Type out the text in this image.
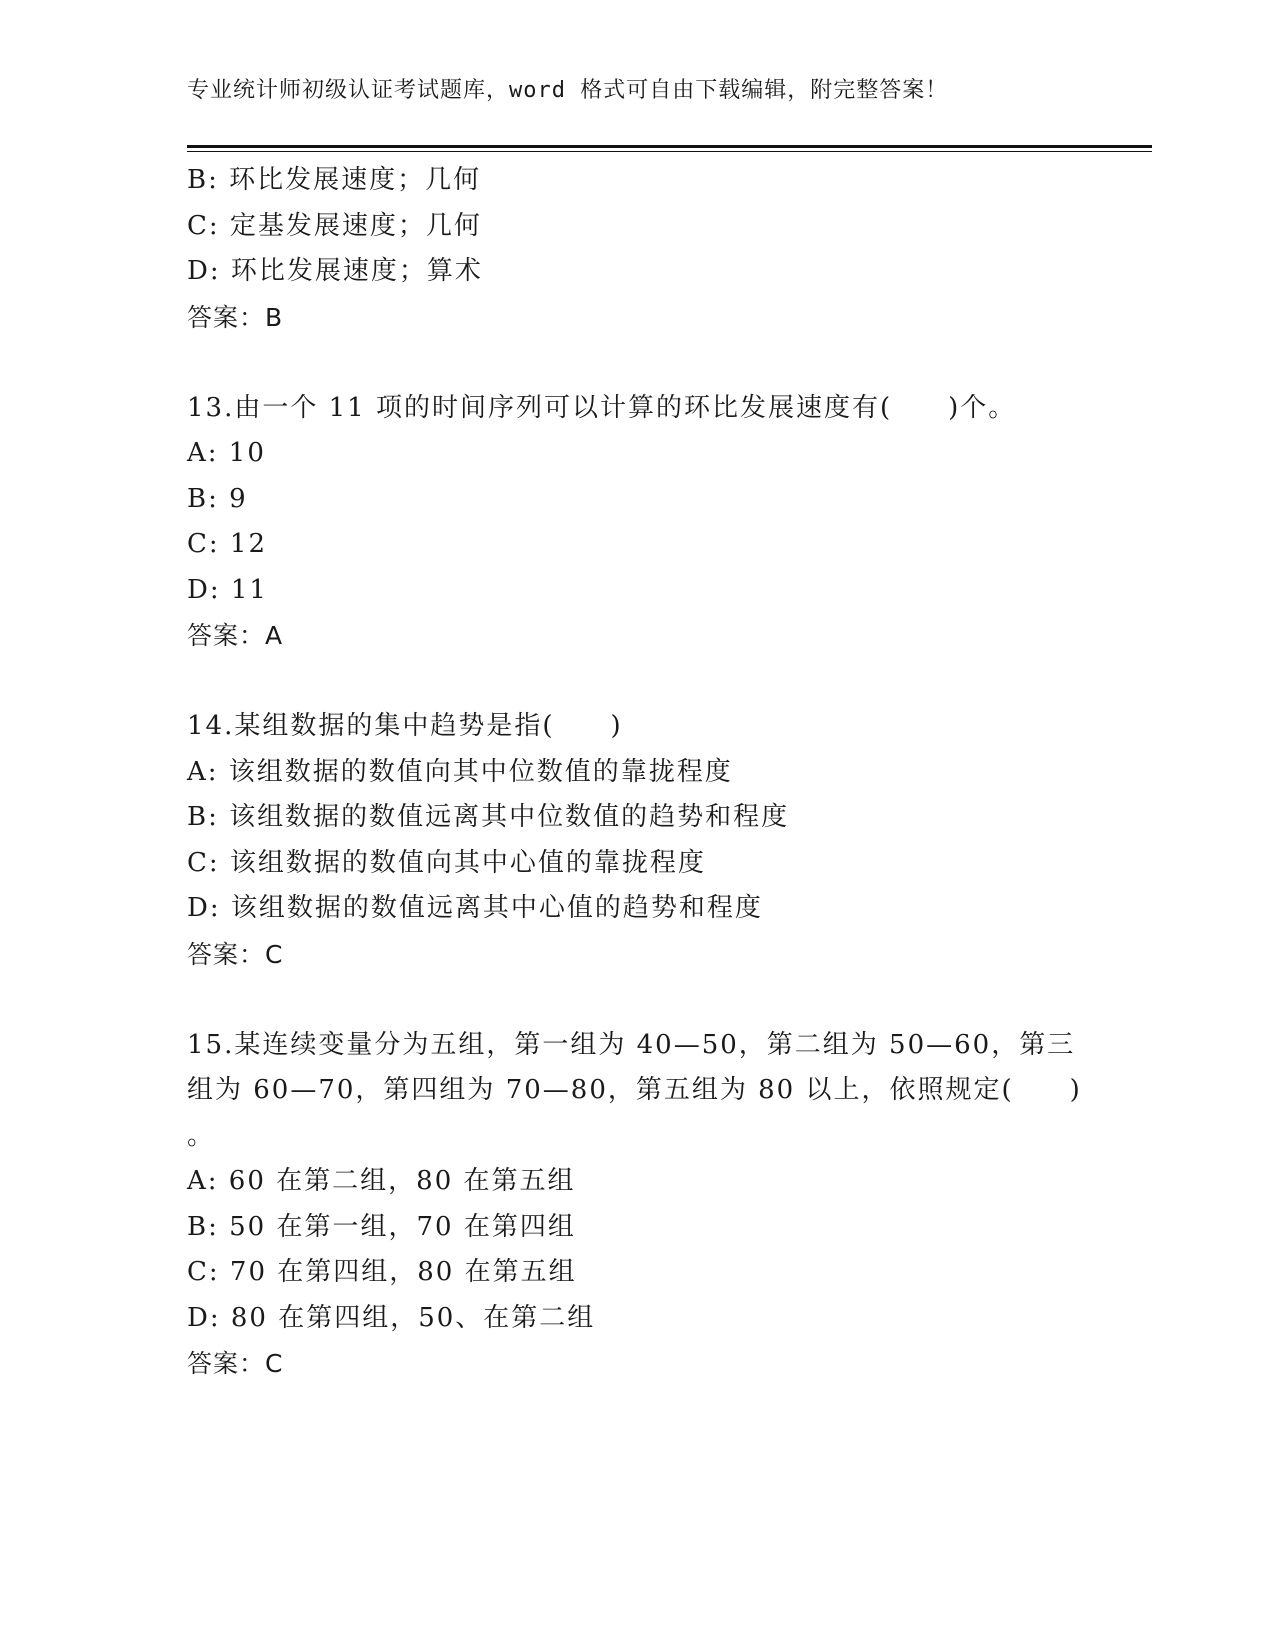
专业统计师初级认证考试题库，word 格式可自由下载编辑，附完整答案！
B: 环比发展速度；几何
C: 定基发展速度；几何
D: 环比发展速度；算术
答案：B
13.由一个 11 项的时间序列可以计算的环比发展速度有(　　)个。
A: 10
B: 9
C: 12
D: 11
答案：A
14.某组数据的集中趋势是指(　　)
A: 该组数据的数值向其中位数值的靠拢程度
B: 该组数据的数值远离其中位数值的趋势和程度
C: 该组数据的数值向其中心值的靠拢程度
D: 该组数据的数值远离其中心值的趋势和程度
答案：C
15.某连续变量分为五组，第一组为 40—50，第二组为 50—60，第三
组为 60—70，第四组为 70—80，第五组为 80 以上，依照规定(　　)
。
A: 60 在第二组，80 在第五组
B: 50 在第一组，70 在第四组
C: 70 在第四组，80 在第五组
D: 80 在第四组，50、在第二组
答案：C
